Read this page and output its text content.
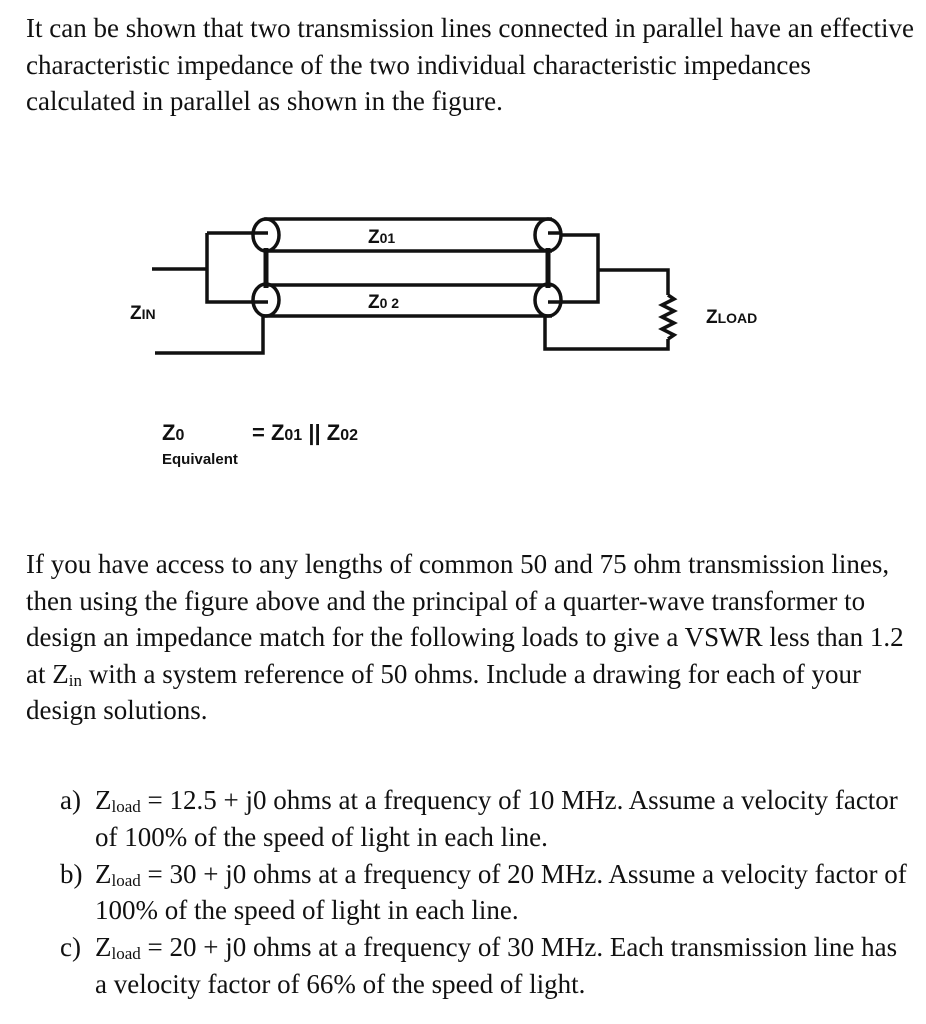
It can be shown that two transmission lines connected in parallel have an effective characteristic impedance of the two individual characteristic impedances calculated in parallel as shown in the figure.
ZIN
Z01
Z0 2
ZLOAD
Z0
Equivalent
= Z01 || Z02
If you have access to any lengths of common 50 and 75 ohm transmission lines, then using the figure above and the principal of a quarter-wave transformer to design an impedance match for the following loads to give a VSWR less than 1.2 at $Z_{in}$ with a system reference of 50 ohms. Include a drawing for each of your design solutions.
a) $Z_{load} = 12.5 + j0$ ohms at a frequency of 10 MHz. Assume a velocity factor of 100% of the speed of light in each line.
b) $Z_{load} = 30 + j0$ ohms at a frequency of 20 MHz. Assume a velocity factor of 100% of the speed of light in each line.
c) $Z_{load} = 20 + j0$ ohms at a frequency of 30 MHz. Each transmission line has a velocity factor of 66% of the speed of light.
